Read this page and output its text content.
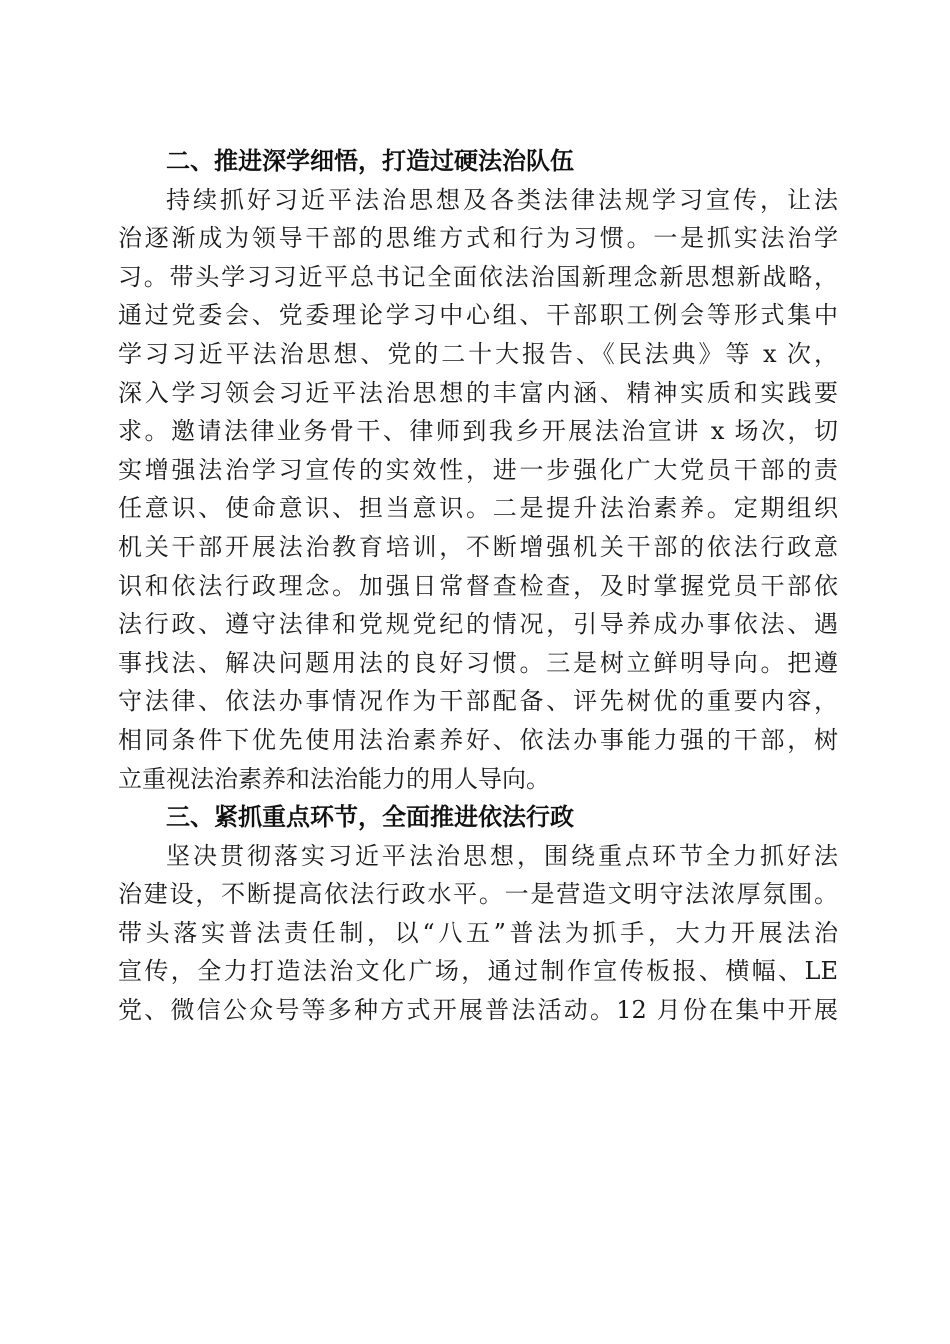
二、推进深学细悟，打造过硬法治队伍
持续抓好习近平法治思想及各类法律法规学习宣传，让法
治逐渐成为领导干部的思维方式和行为习惯。一是抓实法治学
习。带头学习习近平总书记全面依法治国新理念新思想新战略，
通过党委会、党委理论学习中心组、干部职工例会等形式集中
学习习近平法治思想、党的二十大报告、《民法典》等 x 次，
深入学习领会习近平法治思想的丰富内涵、精神实质和实践要
求。邀请法律业务骨干、律师到我乡开展法治宣讲 x 场次，切
实增强法治学习宣传的实效性，进一步强化广大党员干部的责
任意识、使命意识、担当意识。二是提升法治素养。定期组织
机关干部开展法治教育培训，不断增强机关干部的依法行政意
识和依法行政理念。加强日常督查检查，及时掌握党员干部依
法行政、遵守法律和党规党纪的情况，引导养成办事依法、遇
事找法、解决问题用法的良好习惯。三是树立鲜明导向。把遵
守法律、依法办事情况作为干部配备、评先树优的重要内容，
相同条件下优先使用法治素养好、依法办事能力强的干部，树
立重视法治素养和法治能力的用人导向。
三、紧抓重点环节，全面推进依法行政
坚决贯彻落实习近平法治思想，围绕重点环节全力抓好法
治建设，不断提高依法行政水平。一是营造文明守法浓厚氛围。
带头落实普法责任制，以“八五”普法为抓手，大力开展法治
宣传，全力打造法治文化广场，通过制作宣传板报、横幅、LE
党、微信公众号等多种方式开展普法活动。12 月份在集中开展
